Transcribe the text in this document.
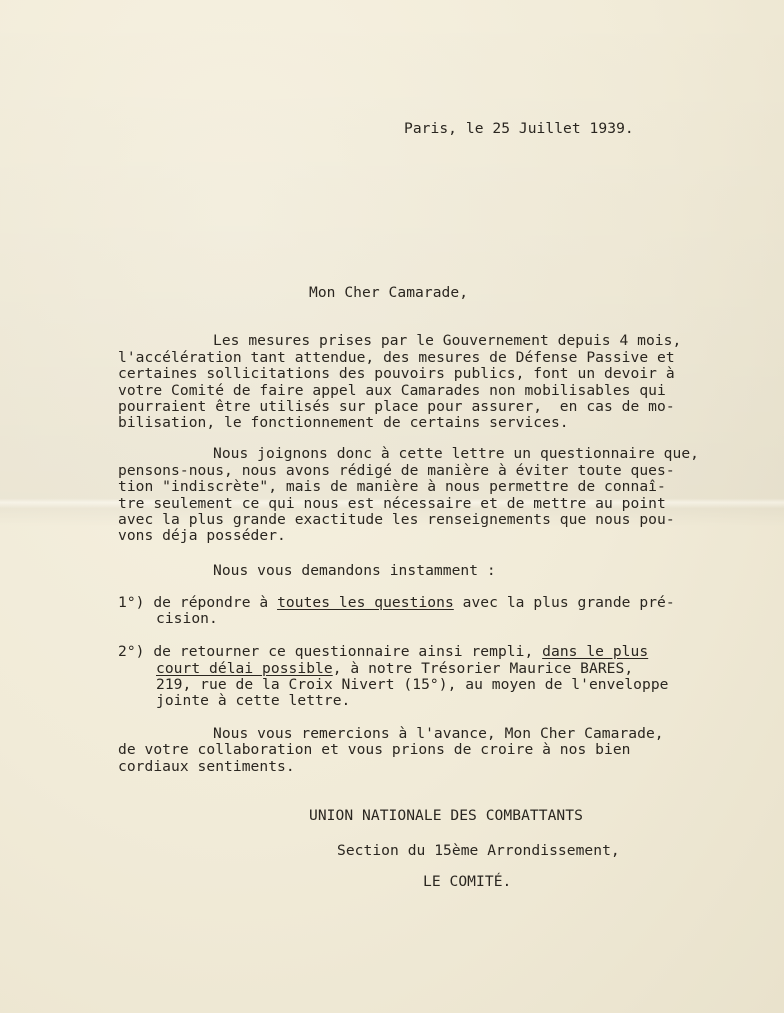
Paris, le 25 Juillet 1939.
Mon Cher Camarade,
Les mesures prises par le Gouvernement depuis 4 mois,
l'accélération tant attendue, des mesures de Défense Passive et
certaines sollicitations des pouvoirs publics, font un devoir à
votre Comité de faire appel aux Camarades non mobilisables qui
pourraient être utilisés sur place pour assurer,  en cas de mo-
bilisation, le fonctionnement de certains services.
Nous joignons donc à cette lettre un questionnaire que,
pensons-nous, nous avons rédigé de manière à éviter toute ques-
tion "indiscrète", mais de manière à nous permettre de connaî-
tre seulement ce qui nous est nécessaire et de mettre au point
avec la plus grande exactitude les renseignements que nous pou-
vons déja posséder.
Nous vous demandons instamment :
1°) de répondre à toutes les questions avec la plus grande pré-
cision.
2°) de retourner ce questionnaire ainsi rempli, dans le plus
court délai possible, à notre Trésorier Maurice BARES,
219, rue de la Croix Nivert (15°), au moyen de l'enveloppe
jointe à cette lettre.
Nous vous remercions à l'avance, Mon Cher Camarade,
de votre collaboration et vous prions de croire à nos bien
cordiaux sentiments.
UNION NATIONALE DES COMBATTANTS
Section du 15ème Arrondissement,
LE COMITÉ.
